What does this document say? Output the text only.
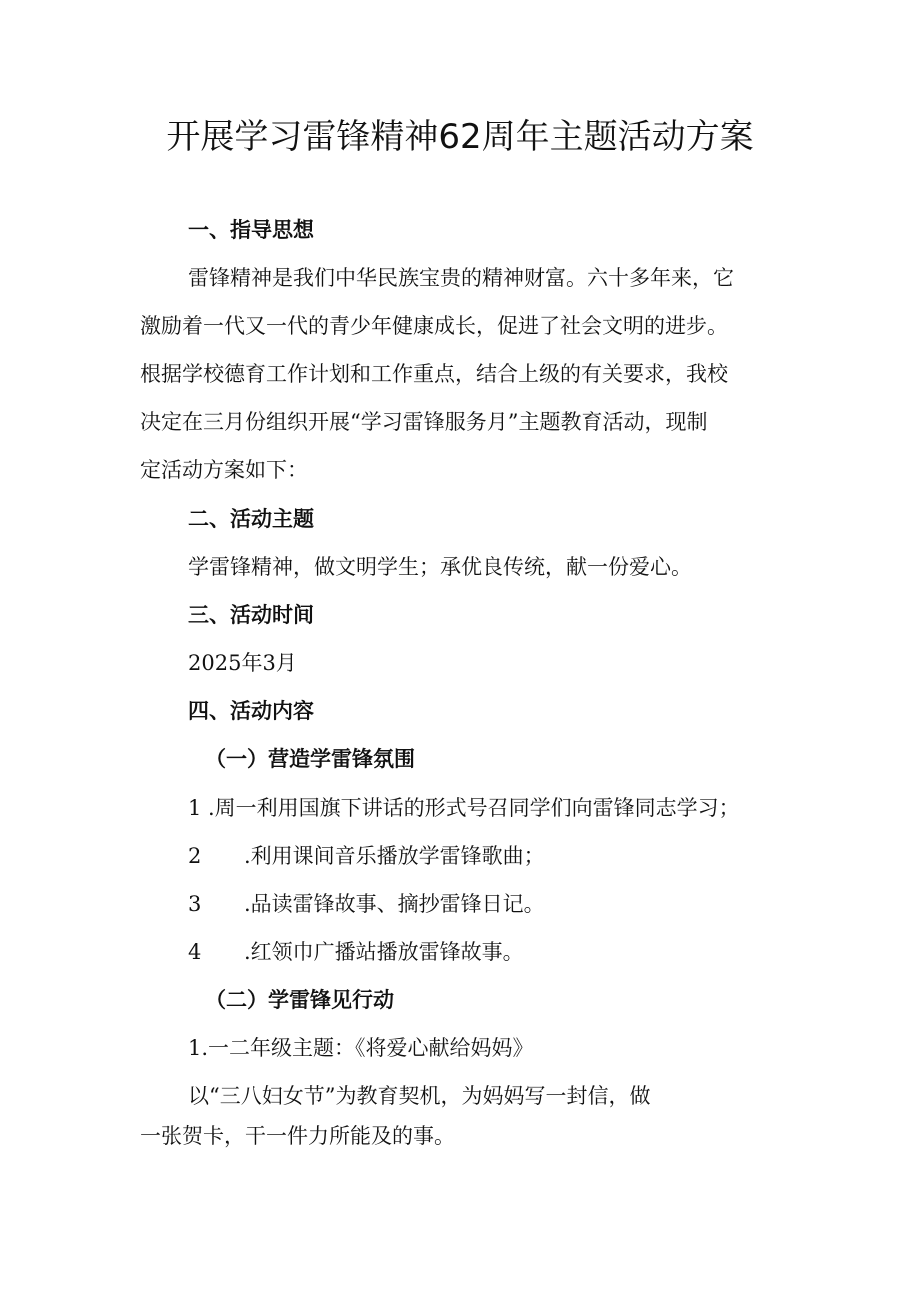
开展学习雷锋精神62周年主题活动方案
一、指导思想
雷锋精神是我们中华民族宝贵的精神财富。六十多年来，它
激励着一代又一代的青少年健康成长，促进了社会文明的进步。
根据学校德育工作计划和工作重点，结合上级的有关要求，我校
决定在三月份组织开展“学习雷锋服务月”主题教育活动，现制
定活动方案如下：
二、活动主题
学雷锋精神，做文明学生；承优良传统，献一份爱心。
三、活动时间
2025年3月
四、活动内容
（一）营造学雷锋氛围
1 .周一利用国旗下讲话的形式号召同学们向雷锋同志学习；
2 .利用课间音乐播放学雷锋歌曲；
3 .品读雷锋故事、摘抄雷锋日记。
4 .红领巾广播站播放雷锋故事。
（二）学雷锋见行动
1.一二年级主题：《将爱心献给妈妈》
以“三八妇女节”为教育契机，为妈妈写一封信，做
一张贺卡，干一件力所能及的事。
